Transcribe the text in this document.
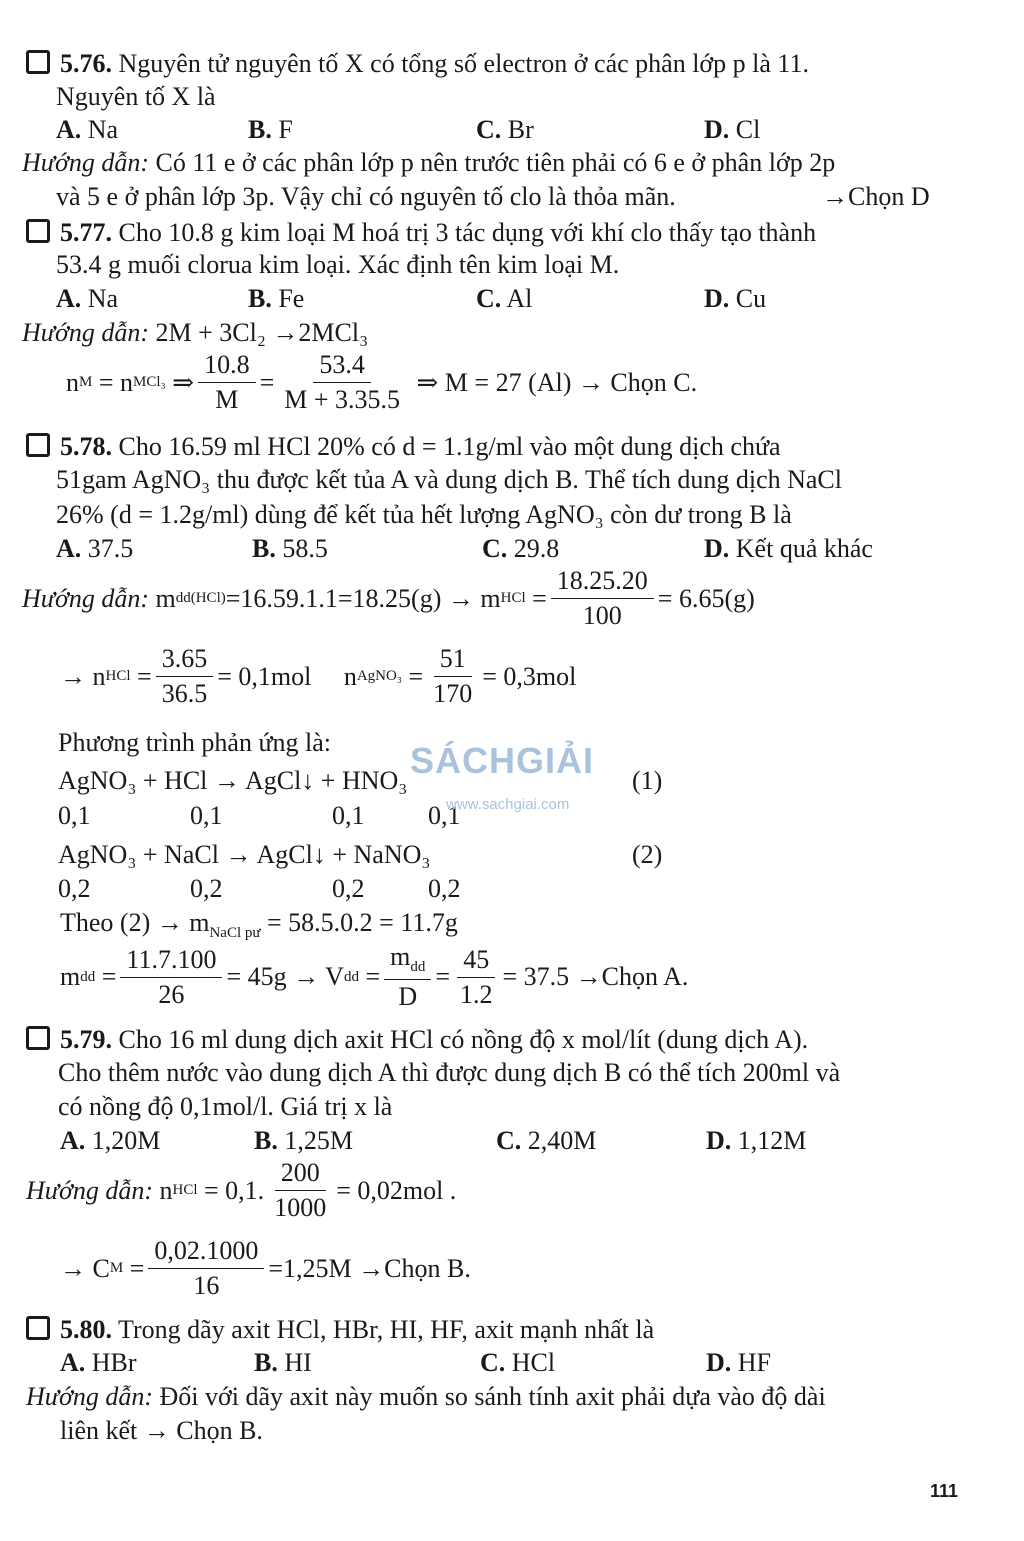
5.76. Nguyên tử nguyên tố X có tổng số electron ở các phân lớp p là 11.
Nguyên tố X là
A. Na	B. F	C. Br	D. Cl
Hướng dẫn: Có 11 e ở các phân lớp p nên trước tiên phải có 6 e ở phân lớp 2p
và 5 e ở phân lớp 3p. Vậy chỉ có nguyên tố clo là thỏa mãn.	→Chọn D
5.77. Cho 10.8 g kim loại M hoá trị 3 tác dụng với khí clo thấy tạo thành
53.4 g muối clorua kim loại. Xác định tên kim loại M.
A. Na	B. Fe	C. Al	D. Cu
Hướng dẫn: 2M + 3Cl₂ →2MCl₃
n M
= n MCl₃ ⇒ $\frac{10.8}{M} = \frac{53.4}{M + 3.35.5}$
⇒ M = 27 (Al) → Chọn C.
5.78. Cho 16.59 ml HCl 20% có d = 1.1g/ml vào một dung dịch chứa
51gam AgNO₃ thu được kết tủa A và dung dịch B. Thể tích dung dịch NaCl
26% (d = 1.2g/ml) dùng để kết tủa hết lượng AgNO₃ còn dư trong B là
A. 37.5	B. 58.5	C. 29.8	D. Kết quả khác
Hướng dẫn:
m dd(HCl) =16.59.1.1=18.25(g) → m HCl = $\frac{18.25.20}{100} = 6.65(g)$
→ n HCl = $\frac{3.65}{36.5} = 0,1mol$
n AgNO₃ = $\frac{51}{170} = 0,3mol$
Phương trình phản ứng là:
AgNO₃ + HCl → AgCl↓ + HNO₃	(1)
0,1	0,1	0,1 0,1
AgNO₃ + NaCl → AgCl↓ + NaNO₃	(2)
0,2	0,2	0,2 0,2
Theo $(2) \to m_{NaCl pư} = 58.5.0.2 = 11.7g$
m dd = $\frac{11.7.100}{26} = 45g \to V$ dd = $\frac{m_{dd}}{D} = \frac{45}{1.2} = 37.5$ →Chọn A.
5.79. Cho 16 ml dung dịch axit HCl có nồng độ x mol/lít (dung dịch A).
Cho thêm nước vào dung dịch A thì được dung dịch B có thể tích 200ml và
có nồng độ 0,1mol/l. Giá trị x là
A. 1,20M	B. 1,25M	C. 2,40M	D. 1,12M
Hướng dẫn:
n HCl
= 0,1. $\frac{200}{1000} = 0,02mol$ .
→ C $M = \frac{0,02.1000}{16} =1,25M$ →Chọn B.
5.80. Trong dãy axit HCl, HBr, HI, HF, axit mạnh nhất là
A. HBr	B. HI	C. HCl	D. HF
Hướng dẫn: Đối với dãy axit này muốn so sánh tính axit phải dựa vào độ dài
liên kết → Chọn B.
SÁCHGIẢI
www.sachgiai.com
111
